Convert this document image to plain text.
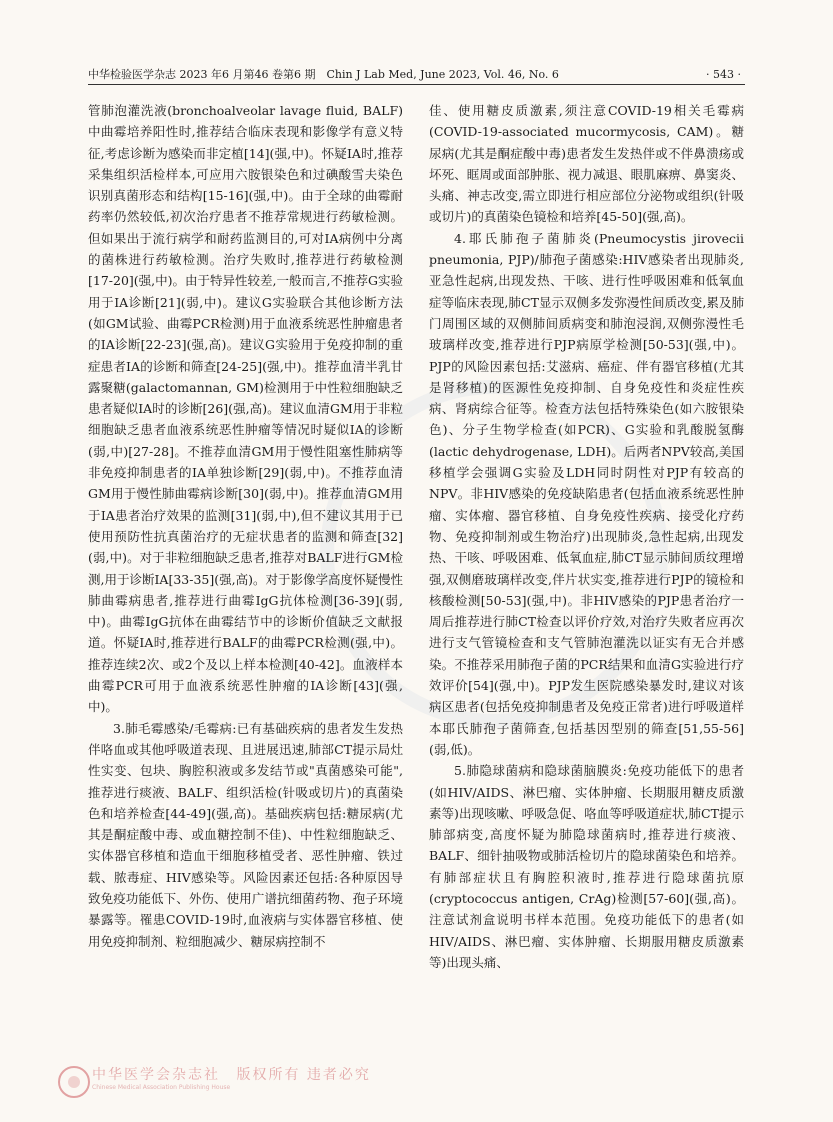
中华检验医学杂志 2023 年6 月第46 卷第6 期　Chin J Lab Med, June 2023, Vol. 46, No. 6	· 543 ·

管肺泡灌洗液(bronchoalveolar lavage fluid, BALF)中曲霉培养阳性时,推荐结合临床表现和影像学有意义特征,考虑诊断为感染而非定植[14](强,中)。怀疑IA时,推荐采集组织活检样本,可应用六胺银染色和过碘酸雪夫染色识别真菌形态和结构[15-16](强,中)。由于全球的曲霉耐药率仍然较低,初次治疗患者不推荐常规进行药敏检测。但如果出于流行病学和耐药监测目的,可对IA病例中分离的菌株进行药敏检测。治疗失败时,推荐进行药敏检测[17-20](强,中)。由于特异性较差,一般而言,不推荐G实验用于IA诊断[21](弱,中)。建议G实验联合其他诊断方法(如GM试验、曲霉PCR检测)用于血液系统恶性肿瘤患者的IA诊断[22-23](强,高)。建议G实验用于免疫抑制的重症患者IA的诊断和筛查[24-25](强,中)。推荐血清半乳甘露聚糖(galactomannan, GM)检测用于中性粒细胞缺乏患者疑似IA时的诊断[26](强,高)。建议血清GM用于非粒细胞缺乏患者血液系统恶性肿瘤等情况时疑似IA的诊断(弱,中)[27-28]。不推荐血清GM用于慢性阻塞性肺病等非免疫抑制患者的IA单独诊断[29](弱,中)。不推荐血清GM用于慢性肺曲霉病诊断[30](弱,中)。推荐血清GM用于IA患者治疗效果的监测[31](弱,中),但不建议其用于已使用预防性抗真菌治疗的无症状患者的监测和筛查[32](弱,中)。对于非粒细胞缺乏患者,推荐对BALF进行GM检测,用于诊断IA[33-35](强,高)。对于影像学高度怀疑慢性肺曲霉病患者,推荐进行曲霉IgG抗体检测[36-39](弱,中)。曲霉IgG抗体在曲霉结节中的诊断价值缺乏文献报道。怀疑IA时,推荐进行BALF的曲霉PCR检测(强,中)。推荐连续2次、或2个及以上样本检测[40-42]。血液样本曲霉PCR可用于血液系统恶性肿瘤的IA诊断[43](强,中)。

3.肺毛霉感染/毛霉病:已有基础疾病的患者发生发热伴咯血或其他呼吸道表现、且进展迅速,肺部CT提示局灶性实变、包块、胸腔积液或多发结节或"真菌感染可能",推荐进行痰液、BALF、组织活检(针吸或切片)的真菌染色和培养检查[44-49](强,高)。基础疾病包括:糖尿病(尤其是酮症酸中毒、或血糖控制不佳)、中性粒细胞缺乏、实体器官移植和造血干细胞移植受者、恶性肿瘤、铁过载、脓毒症、HIV感染等。风险因素还包括:各种原因导致免疫功能低下、外伤、使用广谱抗细菌药物、孢子环境暴露等。罹患COVID-19时,血液病与实体器官移植、使用免疫抑制剂、粒细胞减少、糖尿病控制不

佳、使用糖皮质激素,须注意COVID-19相关毛霉病(COVID-19-associated mucormycosis, CAM)。糖尿病(尤其是酮症酸中毒)患者发生发热伴或不伴鼻溃疡或坏死、眶周或面部肿胀、视力减退、眼肌麻痹、鼻窦炎、头痛、神志改变,需立即进行相应部位分泌物或组织(针吸或切片)的真菌染色镜检和培养[45-50](强,高)。

4.耶氏肺孢子菌肺炎(Pneumocystis jirovecii pneumonia, PJP)/肺孢子菌感染:HIV感染者出现肺炎,亚急性起病,出现发热、干咳、进行性呼吸困难和低氧血症等临床表现,肺CT显示双侧多发弥漫性间质改变,累及肺门周围区域的双侧肺间质病变和肺泡浸润,双侧弥漫性毛玻璃样改变,推荐进行PJP病原学检测[50-53](强,中)。PJP的风险因素包括:艾滋病、癌症、伴有器官移植(尤其是肾移植)的医源性免疫抑制、自身免疫性和炎症性疾病、肾病综合征等。检查方法包括特殊染色(如六胺银染色)、分子生物学检查(如PCR)、G实验和乳酸脱氢酶(lactic dehydrogenase, LDH)。后两者NPV较高,美国移植学会强调G实验及LDH同时阴性对PJP有较高的NPV。非HIV感染的免疫缺陷患者(包括血液系统恶性肿瘤、实体瘤、器官移植、自身免疫性疾病、接受化疗药物、免疫抑制剂或生物治疗)出现肺炎,急性起病,出现发热、干咳、呼吸困难、低氧血症,肺CT显示肺间质纹理增强,双侧磨玻璃样改变,伴片状实变,推荐进行PJP的镜检和核酸检测[50-53](强,中)。非HIV感染的PJP患者治疗一周后推荐进行肺CT检查以评价疗效,对治疗失败者应再次进行支气管镜检查和支气管肺泡灌洗以证实有无合并感染。不推荐采用肺孢子菌的PCR结果和血清G实验进行疗效评价[54](强,中)。PJP发生医院感染暴发时,建议对该病区患者(包括免疫抑制患者及免疫正常者)进行呼吸道样本耶氏肺孢子菌筛查,包括基因型别的筛查[51,55-56](弱,低)。

5.肺隐球菌病和隐球菌脑膜炎:免疫功能低下的患者(如HIV/AIDS、淋巴瘤、实体肿瘤、长期服用糖皮质激素等)出现咳嗽、呼吸急促、咯血等呼吸道症状,肺CT提示肺部病变,高度怀疑为肺隐球菌病时,推荐进行痰液、BALF、细针抽吸物或肺活检切片的隐球菌染色和培养。有肺部症状且有胸腔积液时,推荐进行隐球菌抗原(cryptococcus antigen, CrAg)检测[57-60](强,高)。注意试剂盒说明书样本范围。免疫功能低下的患者(如HIV/AIDS、淋巴瘤、实体肿瘤、长期服用糖皮质激素等)出现头痛、

中华医学会杂志社 版权所有 违者必究
Chinese Medical Association Publishing House
